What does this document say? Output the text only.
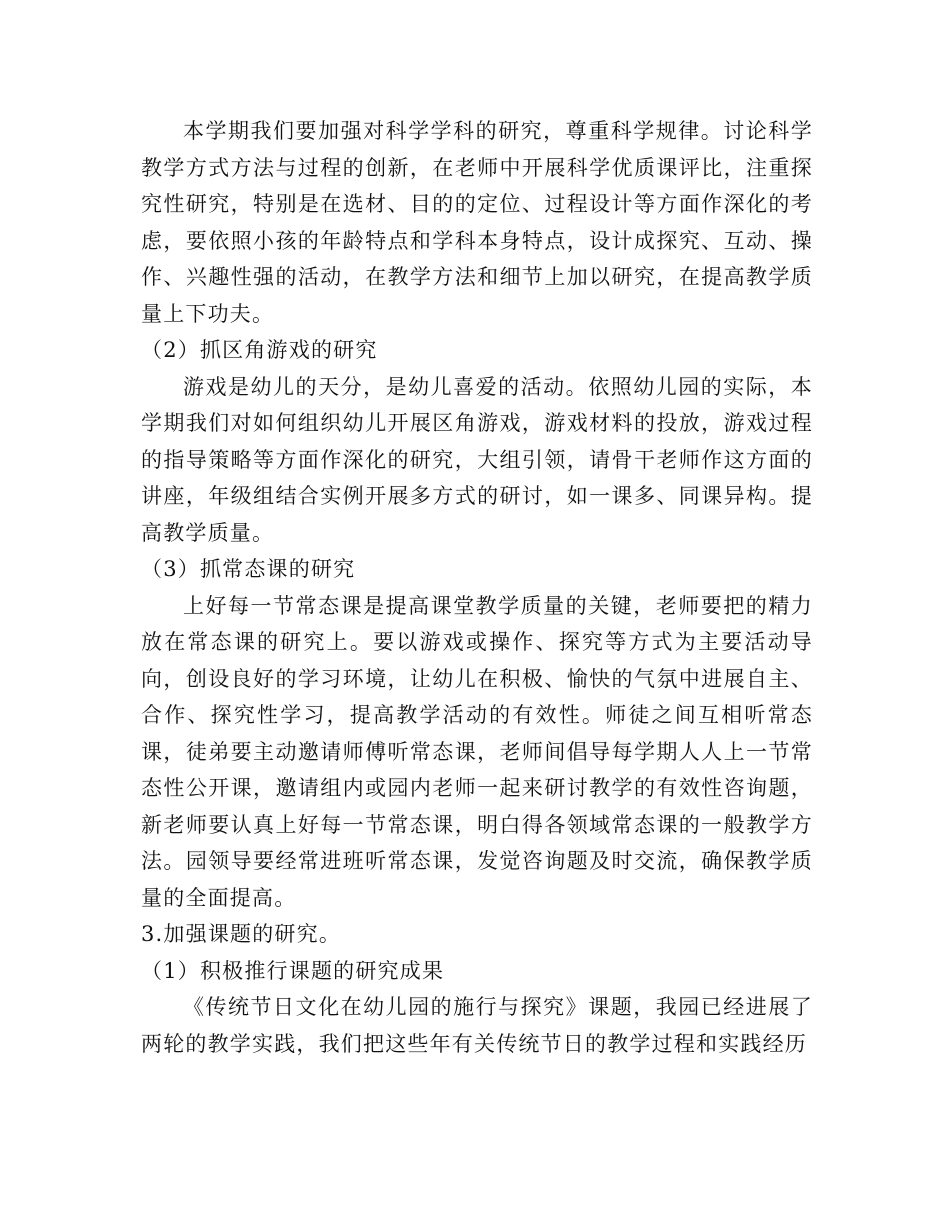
本学期我们要加强对科学学科的研究，尊重科学规律。讨论科学教学方式方法与过程的创新，在老师中开展科学优质课评比，注重探究性研究，特别是在选材、目的的定位、过程设计等方面作深化的考虑，要依照小孩的年龄特点和学科本身特点，设计成探究、互动、操作、兴趣性强的活动，在教学方法和细节上加以研究，在提高教学质量上下功夫。

（2）抓区角游戏的研究

游戏是幼儿的天分，是幼儿喜爱的活动。依照幼儿园的实际，本学期我们对如何组织幼儿开展区角游戏，游戏材料的投放，游戏过程的指导策略等方面作深化的研究，大组引领，请骨干老师作这方面的讲座，年级组结合实例开展多方式的研讨，如一课多、同课异构。提高教学质量。

（3）抓常态课的研究

上好每一节常态课是提高课堂教学质量的关键，老师要把的精力放在常态课的研究上。要以游戏或操作、探究等方式为主要活动导向，创设良好的学习环境，让幼儿在积极、愉快的气氛中进展自主、合作、探究性学习，提高教学活动的有效性。师徒之间互相听常态课，徒弟要主动邀请师傅听常态课，老师间倡导每学期人人上一节常态性公开课，邀请组内或园内老师一起来研讨教学的有效性咨询题，新老师要认真上好每一节常态课，明白得各领域常态课的一般教学方法。园领导要经常进班听常态课，发觉咨询题及时交流，确保教学质量的全面提高。

3.加强课题的研究。

（1）积极推行课题的研究成果

《传统节日文化在幼儿园的施行与探究》课题，我园已经进展了两轮的教学实践，我们把这些年有关传统节日的教学过程和实践经历
